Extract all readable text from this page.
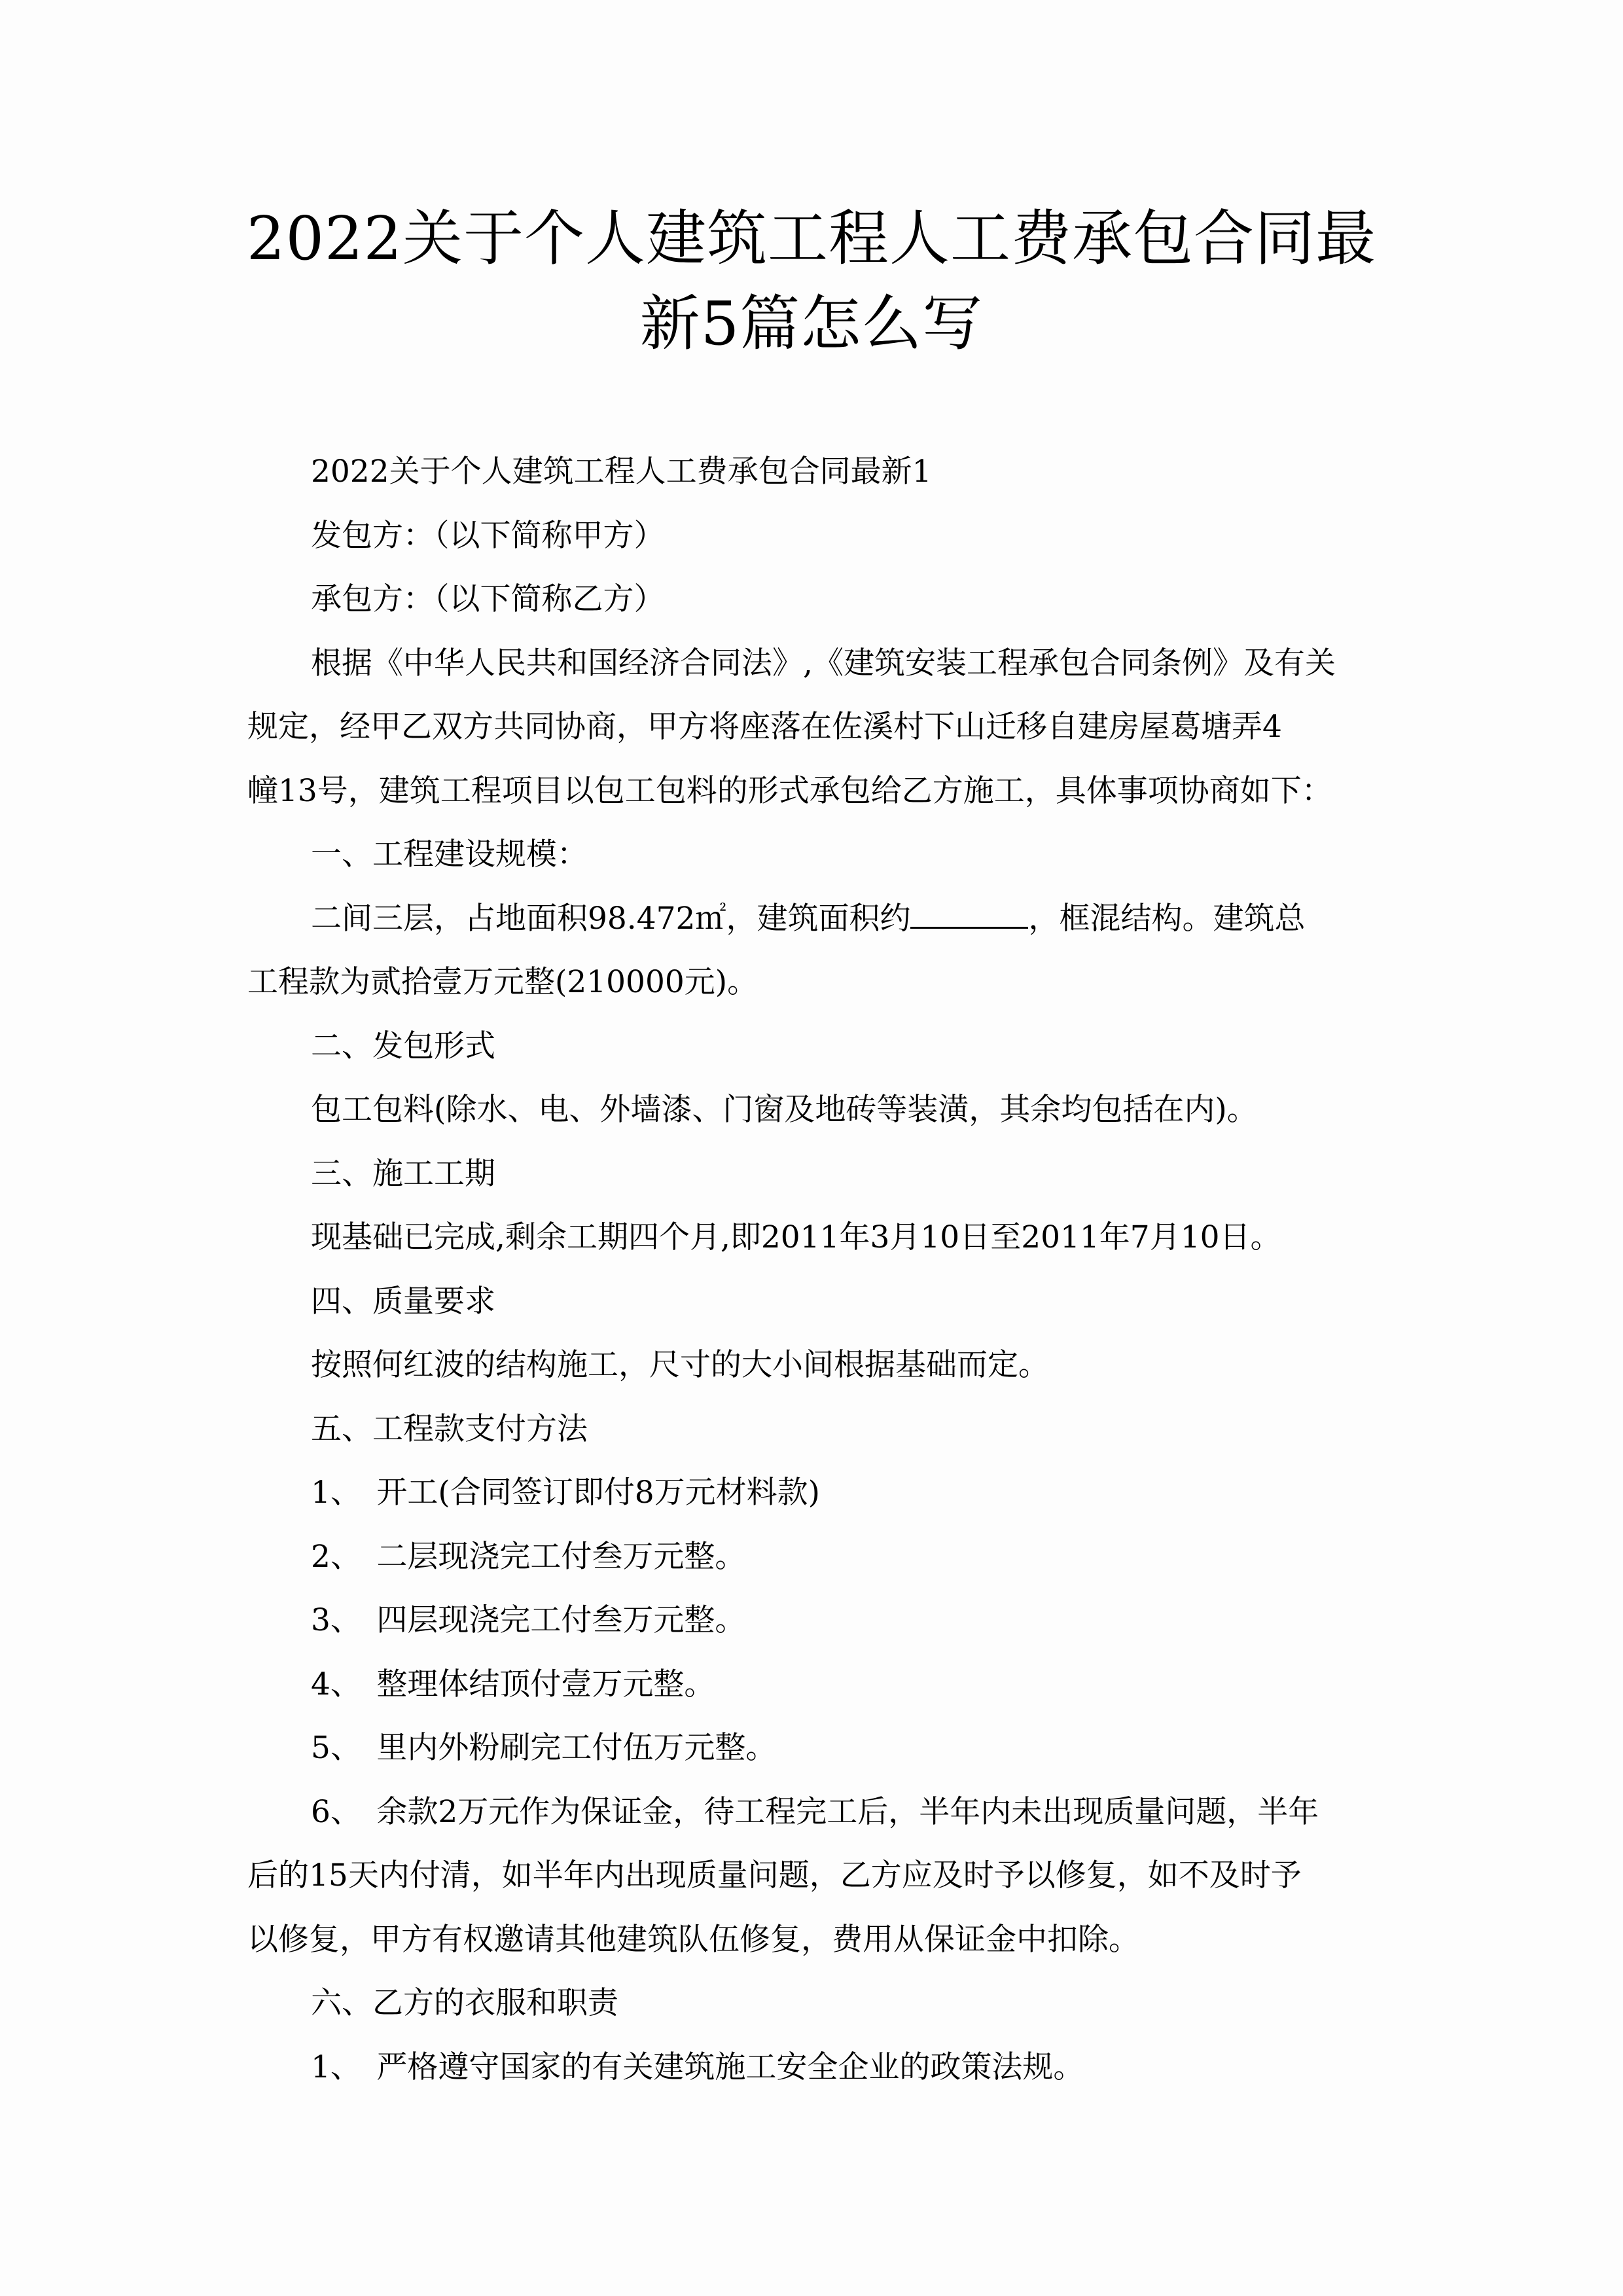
2022关于个人建筑工程人工费承包合同最
新5篇怎么写

2022关于个人建筑工程人工费承包合同最新1

发包方：（以下简称甲方）

承包方：（以下简称乙方）

根据《中华人民共和国经济合同法》,《建筑安装工程承包合同条例》及有关

规定，经甲乙双方共同协商，甲方将座落在佐溪村下山迁移自建房屋葛塘弄4

幢13号，建筑工程项目以包工包料的形式承包给乙方施工，具体事项协商如下：

一、工程建设规模：

二间三层，占地面积98.472㎡，建筑面积约	，框混结构。建筑总

工程款为贰拾壹万元整(210000元)。

二、发包形式

包工包料(除水、电、外墙漆、门窗及地砖等装潢，其余均包括在内)。

三、施工工期

现基础已完成,剩余工期四个月,即2011年3月10日至2011年7月10日。

四、质量要求

按照何红波的结构施工，尺寸的大小间根据基础而定。

五、工程款支付方法

1、　开工(合同签订即付8万元材料款)

2、　二层现浇完工付叁万元整。

3、　四层现浇完工付叁万元整。

4、　整理体结顶付壹万元整。

5、　里内外粉刷完工付伍万元整。

6、　余款2万元作为保证金，待工程完工后，半年内未出现质量问题，半年

后的15天内付清，如半年内出现质量问题，乙方应及时予以修复，如不及时予

以修复，甲方有权邀请其他建筑队伍修复，费用从保证金中扣除。

六、乙方的衣服和职责

1、　严格遵守国家的有关建筑施工安全企业的政策法规。
